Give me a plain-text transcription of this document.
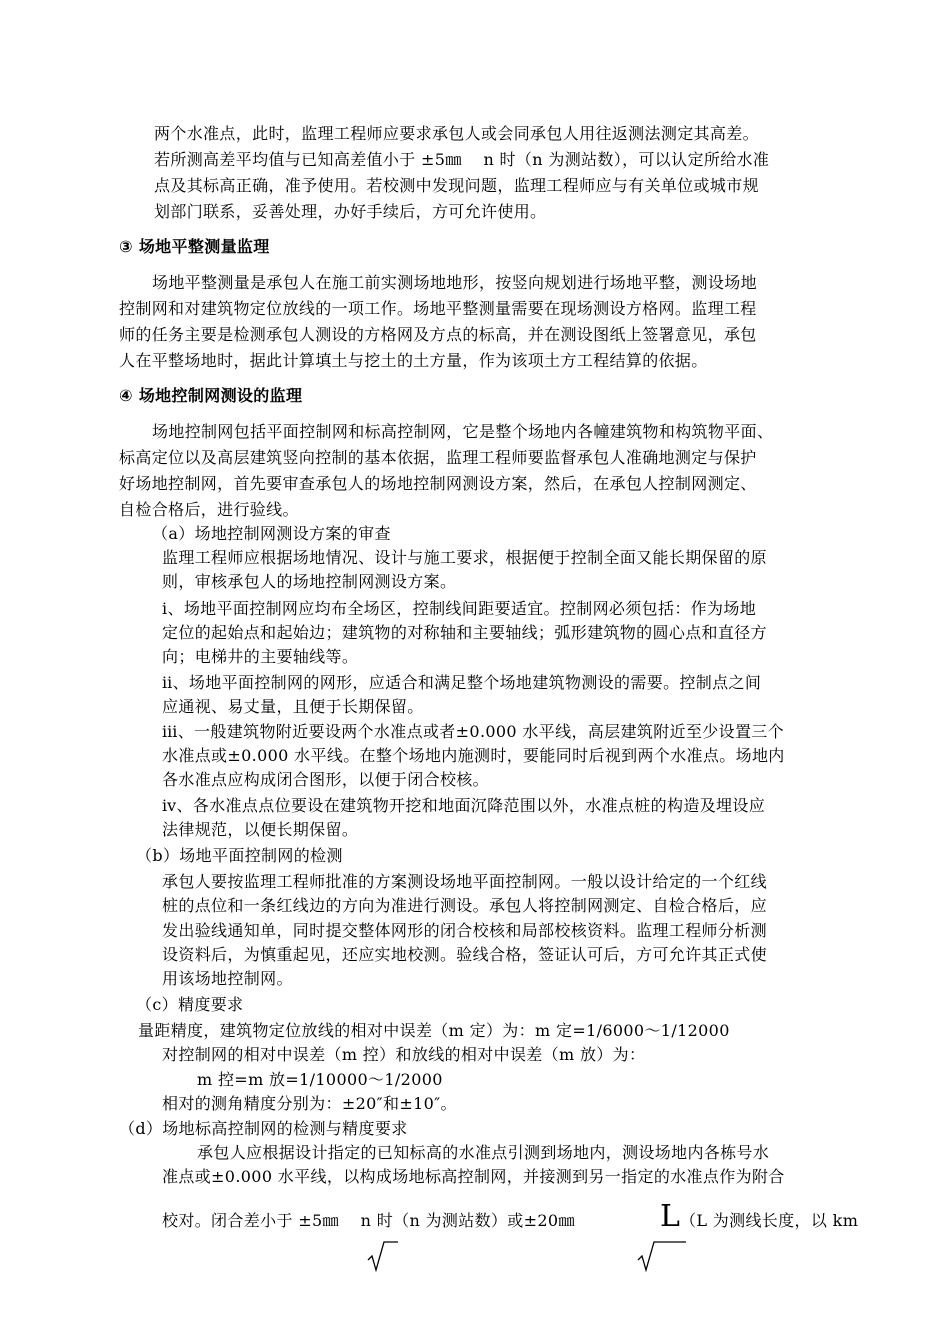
两个水准点，此时，监理工程师应要求承包人或会同承包人用往返测法测定其高差。
若所测高差平均值与已知高差值小于 ±5㎜　 n 时（n 为测站数），可以认定所给水准
点及其标高正确，准予使用。若校测中发现问题，监理工程师应与有关单位或城市规
划部门联系，妥善处理，办好手续后，方可允许使用。
③ 场地平整测量监理
场地平整测量是承包人在施工前实测场地地形，按竖向规划进行场地平整，测设场地
控制网和对建筑物定位放线的一项工作。场地平整测量需要在现场测设方格网。监理工程
师的任务主要是检测承包人测设的方格网及方点的标高，并在测设图纸上签署意见，承包
人在平整场地时，据此计算填土与挖土的土方量，作为该项土方工程结算的依据。
④ 场地控制网测设的监理
场地控制网包括平面控制网和标高控制网，它是整个场地内各幢建筑物和构筑物平面、
标高定位以及高层建筑竖向控制的基本依据，监理工程师要监督承包人准确地测定与保护
好场地控制网，首先要审查承包人的场地控制网测设方案，然后，在承包人控制网测定、
自检合格后，进行验线。
（a）场地控制网测设方案的审查
监理工程师应根据场地情况、设计与施工要求，根据便于控制全面又能长期保留的原
则，审核承包人的场地控制网测设方案。
ⅰ、场地平面控制网应均布全场区，控制线间距要适宜。控制网必须包括：作为场地
定位的起始点和起始边；建筑物的对称轴和主要轴线；弧形建筑物的圆心点和直径方
向；电梯井的主要轴线等。
ⅱ、场地平面控制网的网形，应适合和满足整个场地建筑物测设的需要。控制点之间
应通视、易丈量，且便于长期保留。
ⅲ、一般建筑物附近要设两个水准点或者±0.000 水平线，高层建筑附近至少设置三个
水准点或±0.000 水平线。在整个场地内施测时，要能同时后视到两个水准点。场地内
各水准点应构成闭合图形，以便于闭合校核。
ⅳ、各水准点点位要设在建筑物开挖和地面沉降范围以外，水准点桩的构造及埋设应
法律规范，以便长期保留。
（b）场地平面控制网的检测
承包人要按监理工程师批准的方案测设场地平面控制网。一般以设计给定的一个红线
桩的点位和一条红线边的方向为准进行测设。承包人将控制网测定、自检合格后，应
发出验线通知单，同时提交整体网形的闭合校核和局部校核资料。监理工程师分析测
设资料后，为慎重起见，还应实地校测。验线合格，签证认可后，方可允许其正式使
用该场地控制网。
（c）精度要求
量距精度，建筑物定位放线的相对中误差（m 定）为：m 定=1/6000～1/12000
对控制网的相对中误差（m 控）和放线的相对中误差（m 放）为：
m 控=m 放=1/10000～1/2000
相对的测角精度分别为：±20″和±10″。
（d）场地标高控制网的检测与精度要求
承包人应根据设计指定的已知标高的水准点引测到场地内，测设场地内各栋号水
准点或±0.000 水平线，以构成场地标高控制网，并接测到另一指定的水准点作为附合
校对。闭合差小于 ±5㎜　 n 时（n 为测站数）或±20㎜　 L （L 为测线长度，以 km
